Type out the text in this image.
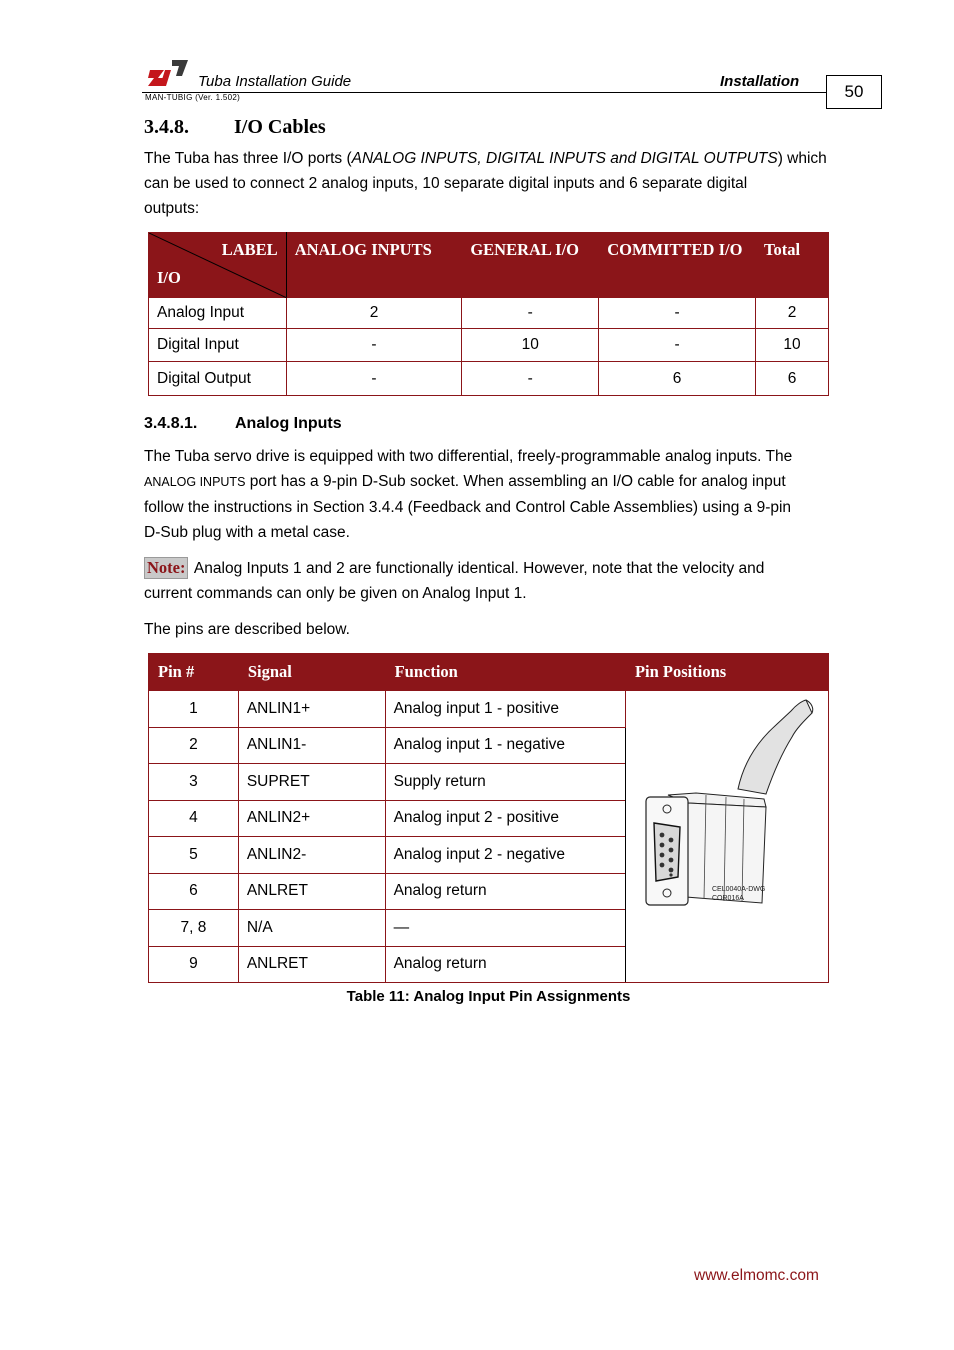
Tuba Installation Guide	Installation
MAN-TUBIG (Ver. 1.502)	50
3.4.8. I/O Cables

The Tuba has three I/O ports (ANALOG INPUTS, DIGITAL INPUTS and DIGITAL OUTPUTS) which
can be used to connect 2 analog inputs, 10 separate digital inputs and 6 separate digital
outputs:

LABEL
I/O	ANALOG INPUTS	GENERAL I/O	COMMITTED I/O	Total
Analog Input	2	-	-	2
Digital Input	-	10	-	10
Digital Output	-	-	6	6
3.4.8.1. Analog Inputs

The Tuba servo drive is equipped with two differential, freely-programmable analog inputs. The
ANALOG INPUTS port has a 9-pin D-Sub socket. When assembling an I/O cable for analog input
follow the instructions in Section 3.4.4 (Feedback and Control Cable Assemblies) using a 9-pin
D-Sub plug with a metal case.

Note: Analog Inputs 1 and 2 are functionally identical. However, note that the velocity and
current commands can only be given on Analog Input 1.

The pins are described below.

Pin #	Signal	Function	Pin Positions
1	ANLIN1+	Analog input 1 - positive	CEL0040A-DWG
COR016A

2	ANLIN1-	Analog input 1 - negative	
3	SUPRET	Supply return	
4	ANLIN2+	Analog input 2 - positive	
5	ANLIN2-	Analog input 2 - negative	
6	ANLRET	Analog return	
7, 8	N/A	—	
9	ANLRET	Analog return	
Table 11: Analog Input Pin Assignments
www.elmomc.com
